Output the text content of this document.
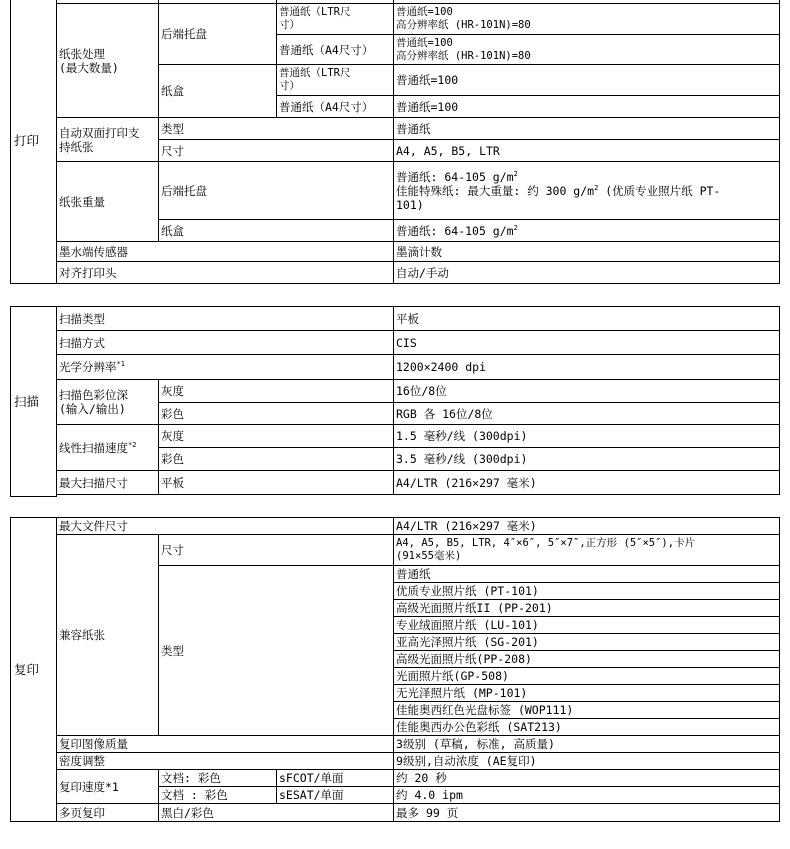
打印				
	纸张处理
(最大数量)	后端托盘	普通纸（LTR尺
寸）	普通纸=100
高分辨率纸 (HR-101N)=80
			普通纸（A4尺寸）	普通纸=100
高分辨率纸 (HR-101N)=80
		纸盒	普通纸（LTR尺
寸）	普通纸=100
			普通纸（A4尺寸）	普通纸=100
	自动双面打印支
持纸张	类型		普通纸
		尺寸		A4, A5, B5, LTR
	纸张重量	后端托盘		普通纸: 64-105 $g/m^2$
佳能特殊纸: 最大重量: 约 300 $g/m^2$ (优质专业照片纸 PT-
101)
		纸盒		普通纸: 64-105 $g/m^2$
	墨水端传感器			墨滴计数
	对齐打印头			自动/手动
扫描	扫描类型		平板
	扫描方式		CIS
	光学分辨率$^{*1}$		1200×2400 dpi
	扫描色彩位深
(输入/输出)	灰度	16位/8位
		彩色	RGB 各 16位/8位
	线性扫描速度$^{*2}$	灰度	1.5 毫秒/线 (300dpi)
		彩色	3.5 毫秒/线 (300dpi)
	最大扫描尺寸	平板	A4/LTR (216×297 毫米)

复印	最大文件尺寸			A4/LTR (216×297 毫米)
	兼容纸张	尺寸		A4, A5, B5, LTR, 4″×6″, 5″×7″,正方形 (5″×5″),卡片
(91×55毫米)
		类型		普通纸
				优质专业照片纸 (PT-101)
				高级光面照片纸II (PP-201)
				专业绒面照片纸 (LU-101)
				亚高光泽照片纸 (SG-201)
				高级光面照片纸(PP-208)
				光面照片纸(GP-508)
				无光泽照片纸 (MP-101)
				佳能奥西红色光盘标签 (WOP111)
				佳能奥西办公色彩纸 (SAT213)
	复印图像质量			3级别 (草稿, 标准, 高质量)
	密度调整			9级别,自动浓度 (AE复印)
	复印速度*1	文档: 彩色	sFCOT/单面	约 20 秒
		文档 : 彩色	sESAT/单面	约 4.0 ipm
	多页复印	黑白/彩色		最多 99 页
